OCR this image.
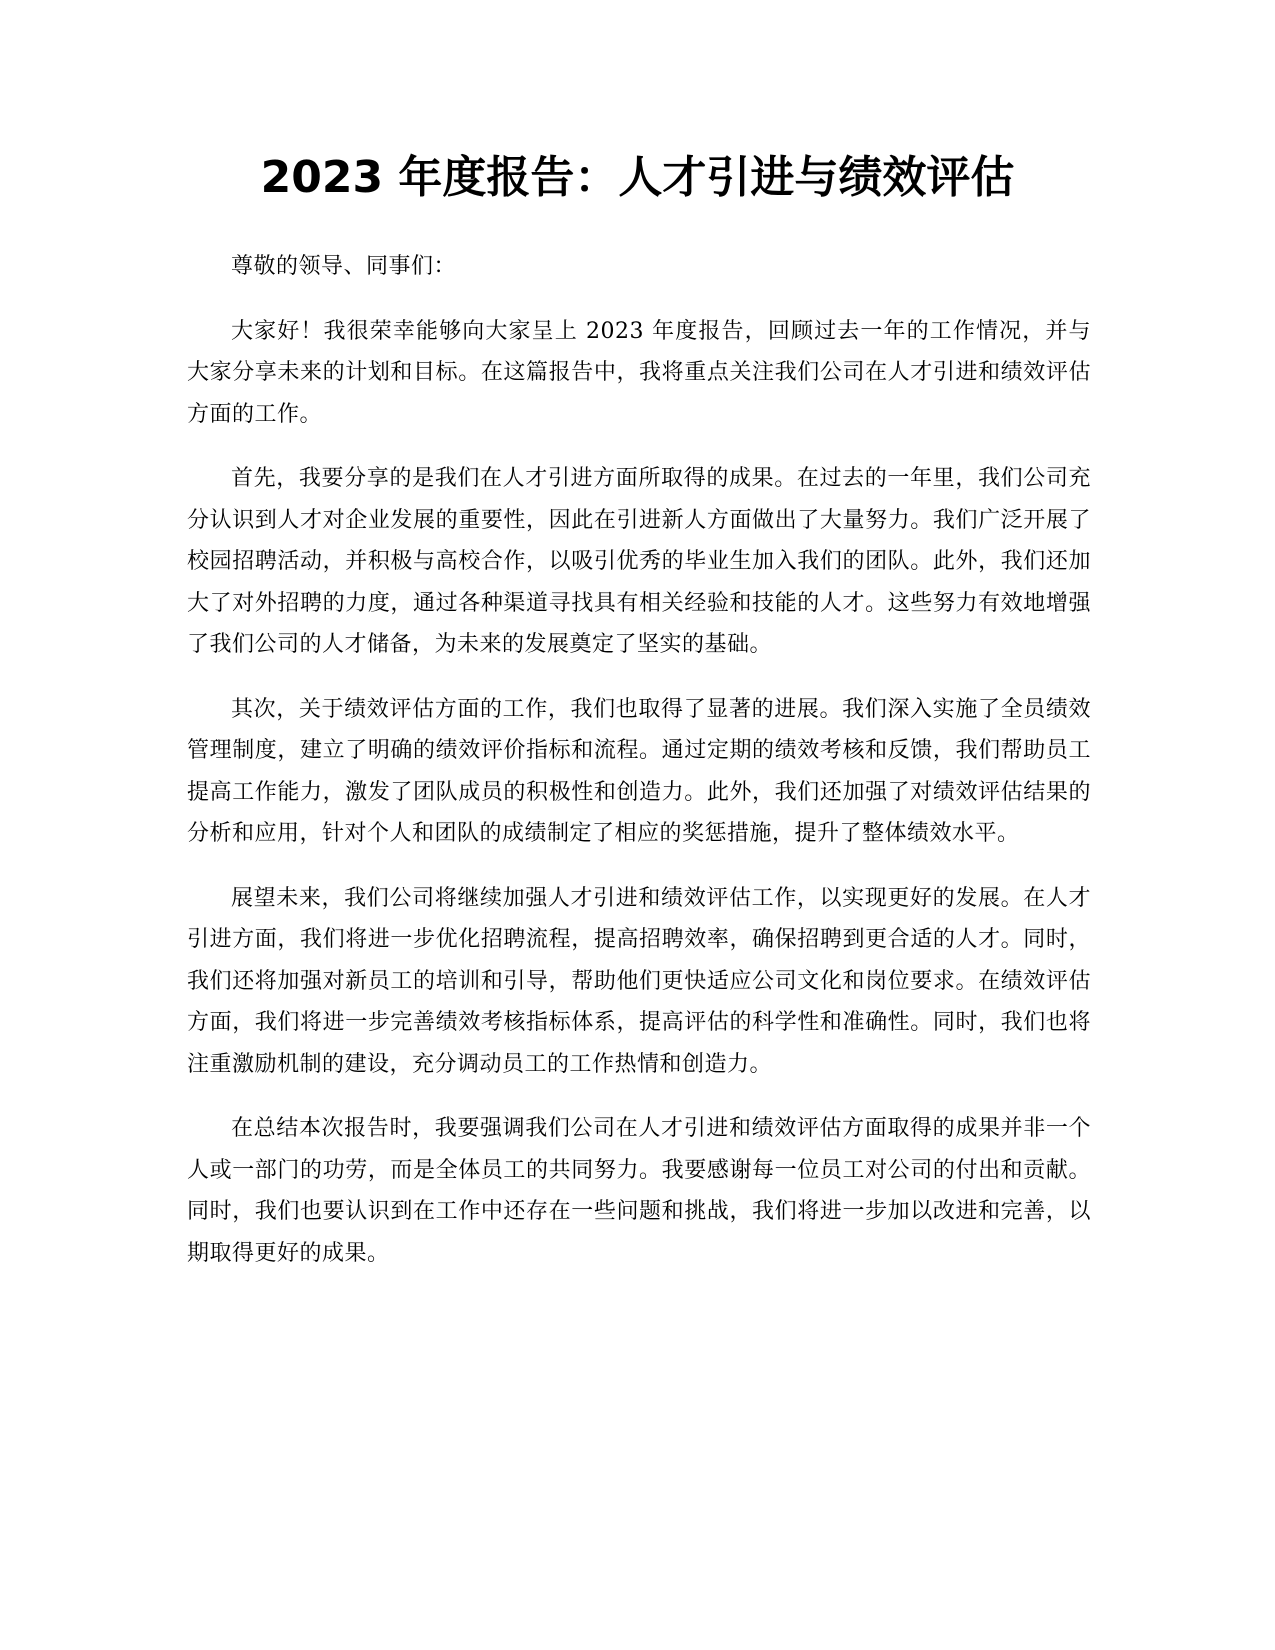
2023 年度报告：人才引进与绩效评估

尊敬的领导、同事们：

大家好！我很荣幸能够向大家呈上 2023 年度报告，回顾过去一年的工作情况，并与大家分享未来的计划和目标。在这篇报告中，我将重点关注我们公司在人才引进和绩效评估方面的工作。

首先，我要分享的是我们在人才引进方面所取得的成果。在过去的一年里，我们公司充分认识到人才对企业发展的重要性，因此在引进新人方面做出了大量努力。我们广泛开展了校园招聘活动，并积极与高校合作，以吸引优秀的毕业生加入我们的团队。此外，我们还加大了对外招聘的力度，通过各种渠道寻找具有相关经验和技能的人才。这些努力有效地增强了我们公司的人才储备，为未来的发展奠定了坚实的基础。

其次，关于绩效评估方面的工作，我们也取得了显著的进展。我们深入实施了全员绩效管理制度，建立了明确的绩效评价指标和流程。通过定期的绩效考核和反馈，我们帮助员工提高工作能力，激发了团队成员的积极性和创造力。此外，我们还加强了对绩效评估结果的分析和应用，针对个人和团队的成绩制定了相应的奖惩措施，提升了整体绩效水平。

展望未来，我们公司将继续加强人才引进和绩效评估工作，以实现更好的发展。在人才引进方面，我们将进一步优化招聘流程，提高招聘效率，确保招聘到更合适的人才。同时，我们还将加强对新员工的培训和引导，帮助他们更快适应公司文化和岗位要求。在绩效评估方面，我们将进一步完善绩效考核指标体系，提高评估的科学性和准确性。同时，我们也将注重激励机制的建设，充分调动员工的工作热情和创造力。

在总结本次报告时，我要强调我们公司在人才引进和绩效评估方面取得的成果并非一个人或一部门的功劳，而是全体员工的共同努力。我要感谢每一位员工对公司的付出和贡献。同时，我们也要认识到在工作中还存在一些问题和挑战，我们将进一步加以改进和完善，以期取得更好的成果。
